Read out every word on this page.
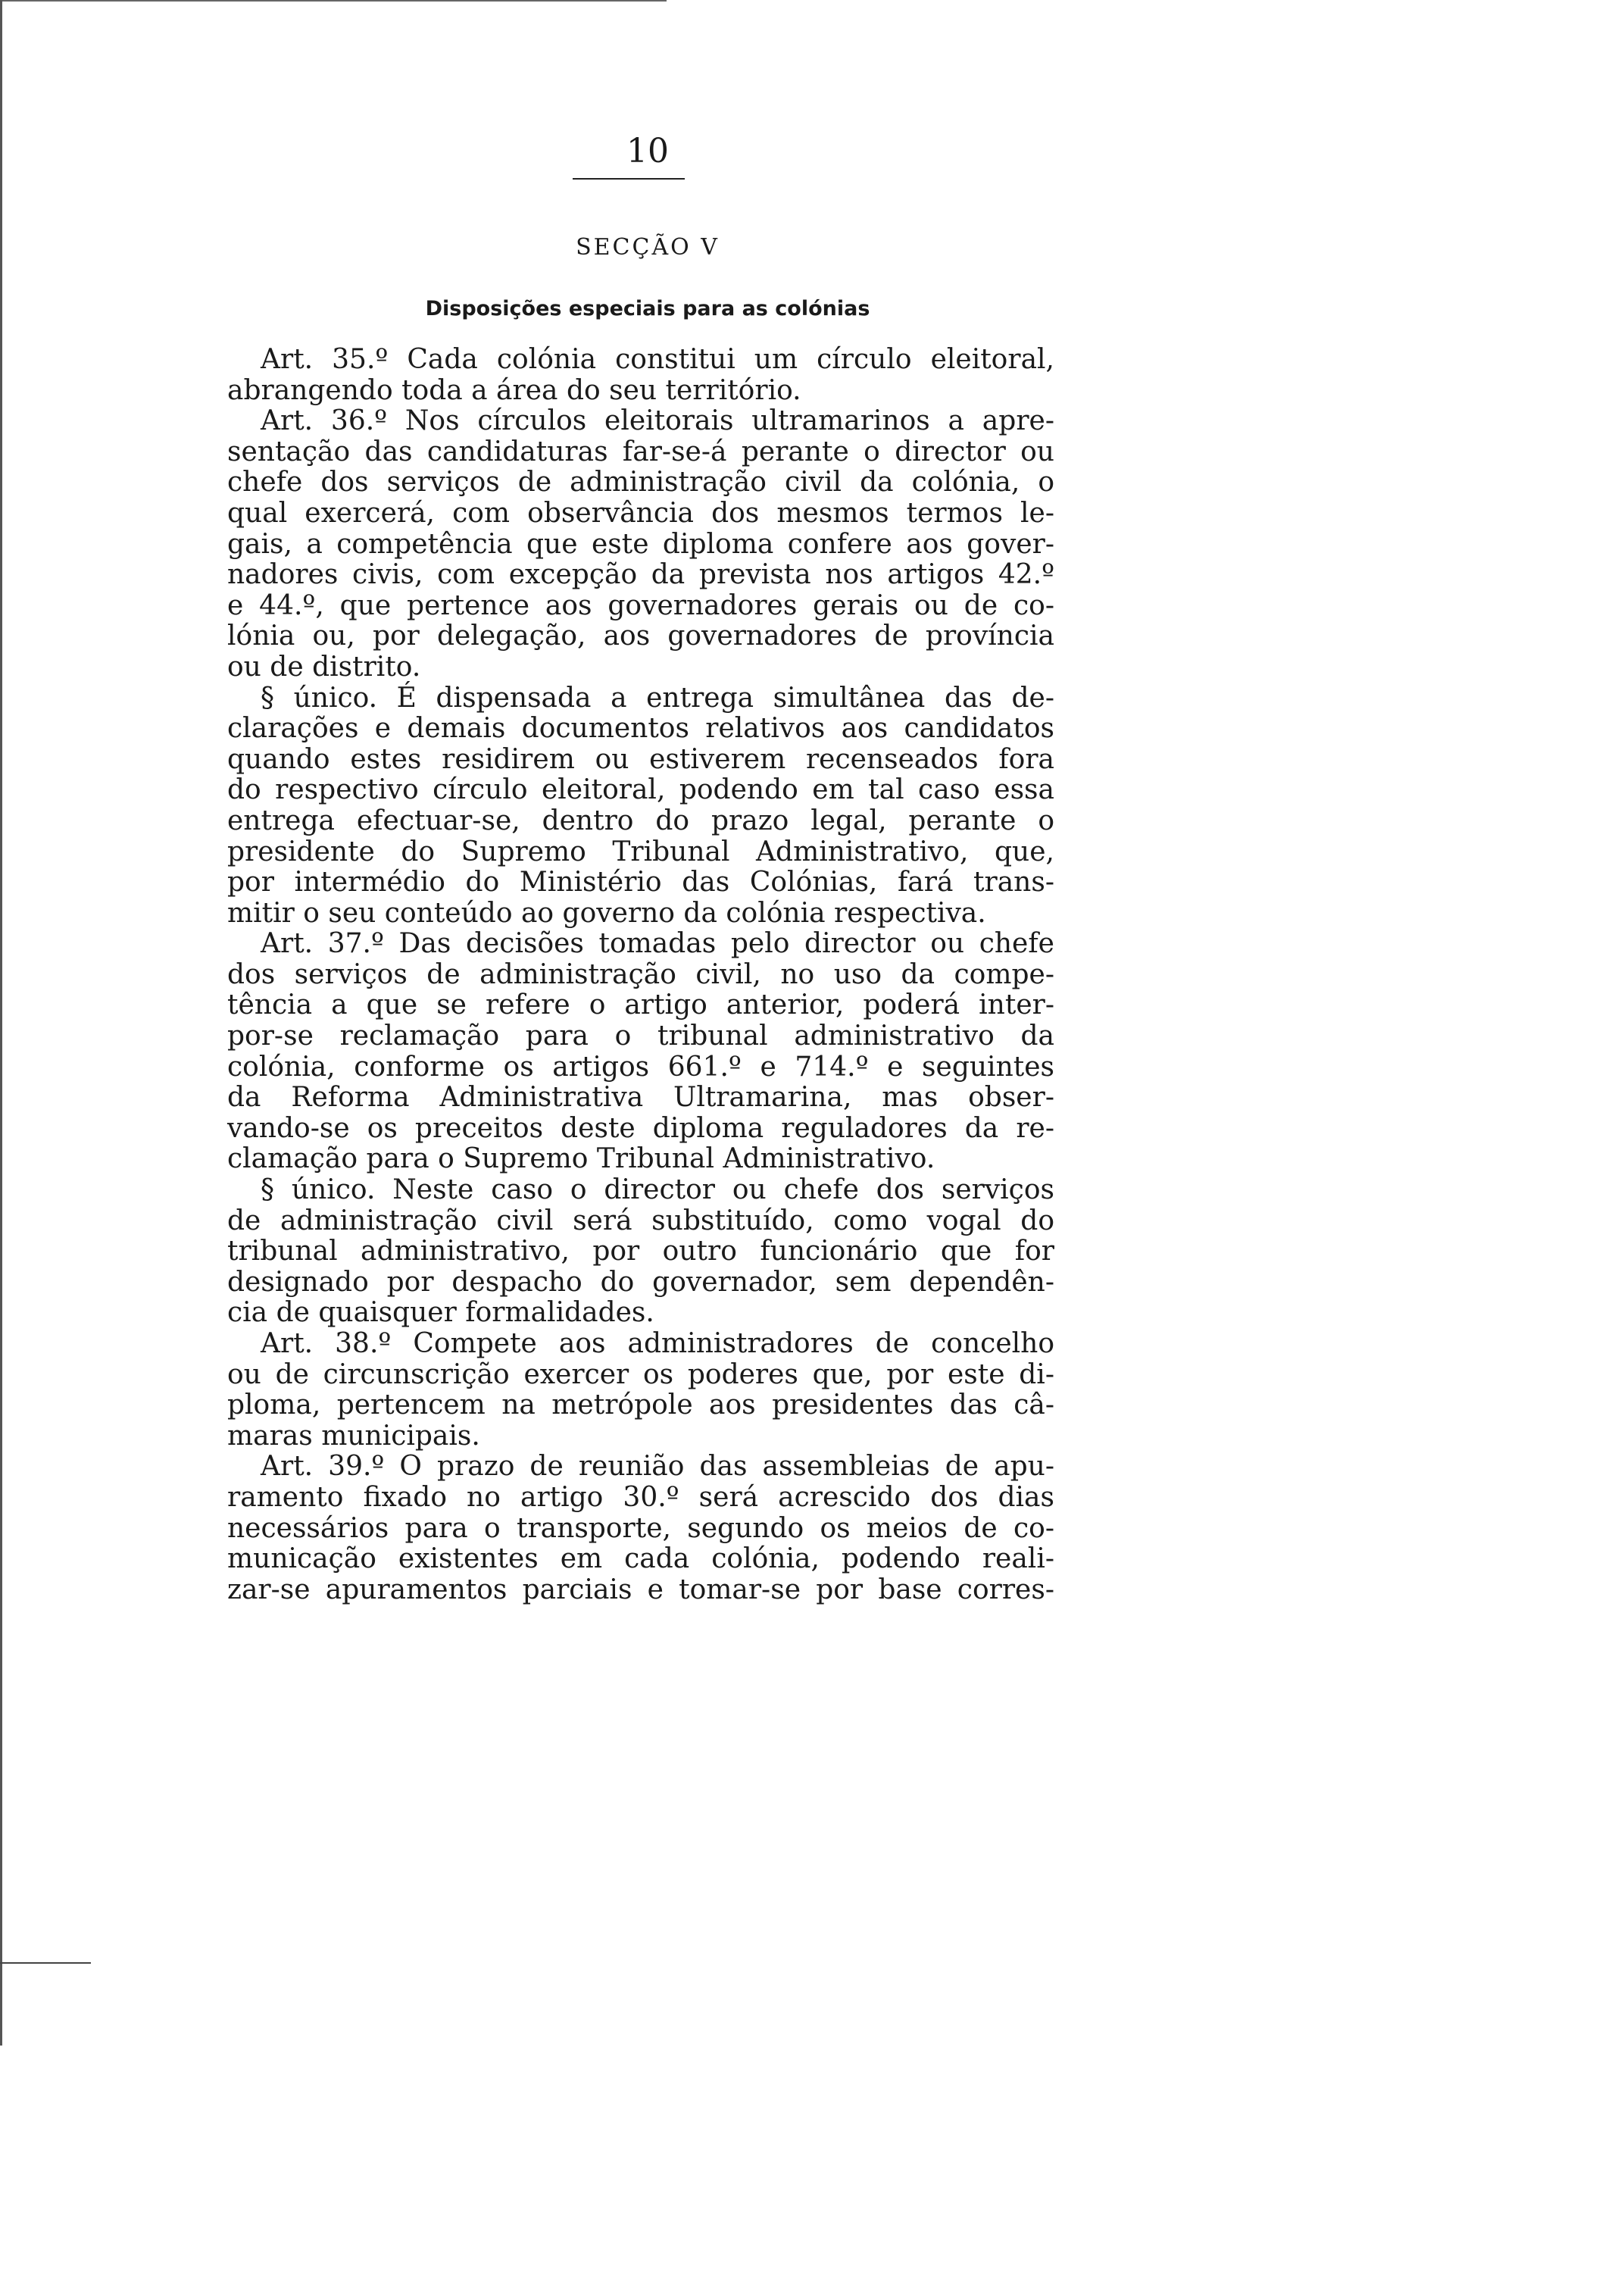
10
SECÇÃO V
Disposições especiais para as colónias
Art. 35.º Cada colónia constitui um círculo eleitoral,
abrangendo toda a área do seu território.
Art. 36.º Nos círculos eleitorais ultramarinos a apre-
sentação das candidaturas far-se-á perante o director ou
chefe dos serviços de administração civil da colónia, o
qual exercerá, com observância dos mesmos termos le-
gais, a competência que este diploma confere aos gover-
nadores civis, com excepção da prevista nos artigos 42.º
e 44.º, que pertence aos governadores gerais ou de co-
lónia ou, por delegação, aos governadores de província
ou de distrito.
§ único. É dispensada a entrega simultânea das de-
clarações e demais documentos relativos aos candidatos
quando estes residirem ou estiverem recenseados fora
do respectivo círculo eleitoral, podendo em tal caso essa
entrega efectuar-se, dentro do prazo legal, perante o
presidente do Supremo Tribunal Administrativo, que,
por intermédio do Ministério das Colónias, fará trans-
mitir o seu conteúdo ao governo da colónia respectiva.
Art. 37.º Das decisões tomadas pelo director ou chefe
dos serviços de administração civil, no uso da compe-
tência a que se refere o artigo anterior, poderá inter-
por-se reclamação para o tribunal administrativo da
colónia, conforme os artigos 661.º e 714.º e seguintes
da Reforma Administrativa Ultramarina, mas obser-
vando-se os preceitos deste diploma reguladores da re-
clamação para o Supremo Tribunal Administrativo.
§ único. Neste caso o director ou chefe dos serviços
de administração civil será substituído, como vogal do
tribunal administrativo, por outro funcionário que for
designado por despacho do governador, sem dependên-
cia de quaisquer formalidades.
Art. 38.º Compete aos administradores de concelho
ou de circunscrição exercer os poderes que, por este di-
ploma, pertencem na metrópole aos presidentes das câ-
maras municipais.
Art. 39.º O prazo de reunião das assembleias de apu-
ramento fixado no artigo 30.º será acrescido dos dias
necessários para o transporte, segundo os meios de co-
municação existentes em cada colónia, podendo reali-
zar-se apuramentos parciais e tomar-se por base corres-
